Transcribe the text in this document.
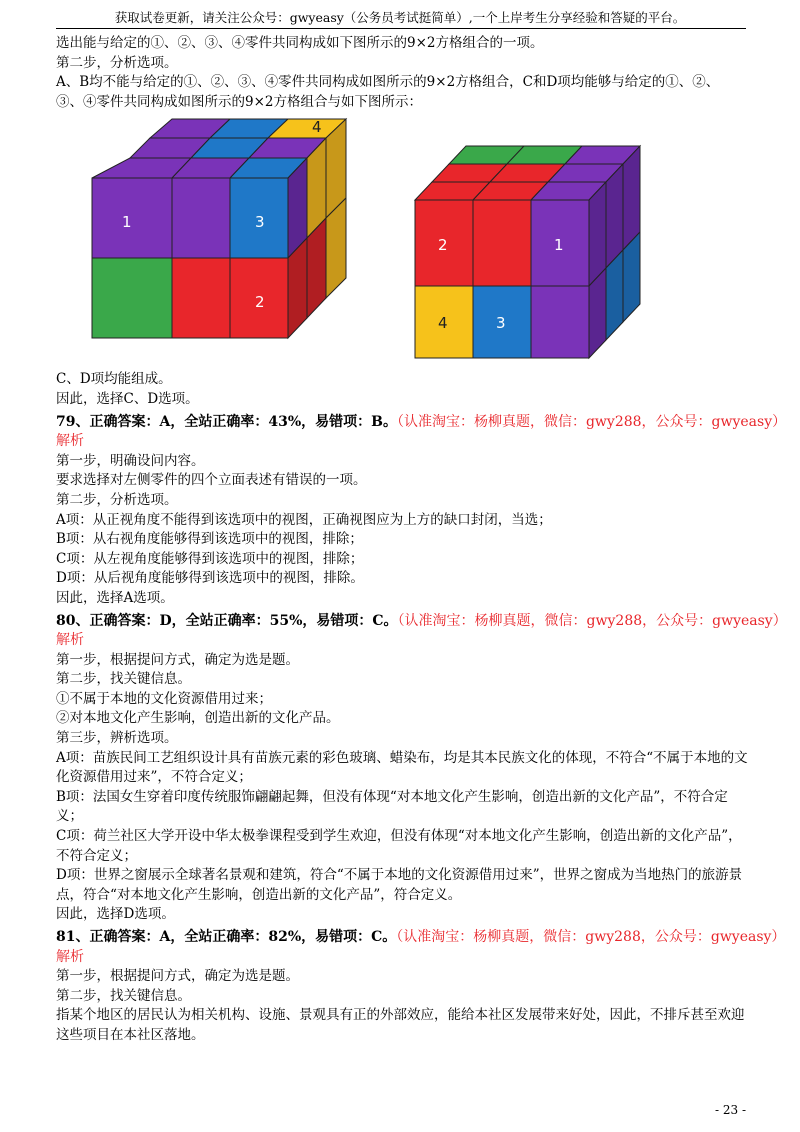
获取试卷更新，请关注公众号：gwyeasy（公务员考试挺简单）,一个上岸考生分享经验和答疑的平台。
选出能与给定的①、②、③、④零件共同构成如下图所示的9×2方格组合的一项。
第二步，分析选项。
A、B均不能与给定的①、②、③、④零件共同构成如图所示的9×2方格组合，C和D项均能够与给定的①、②、
③、④零件共同构成如图所示的9×2方格组合与如下图所示：
1	3
2
4
2	1
4	3
C、D项均能组成。
因此，选择C、D选项。
79、正确答案：A，全站正确率：43%，易错项：B。（认准淘宝：杨柳真题，微信：gwy288，公众号：gwyeasy）
解析
第一步，明确设问内容。
要求选择对左侧零件的四个立面表述有错误的一项。
第二步，分析选项。
A项：从正视角度不能得到该选项中的视图，正确视图应为上方的缺口封闭，当选；
B项：从右视角度能够得到该选项中的视图，排除；
C项：从左视角度能够得到该选项中的视图，排除；
D项：从后视角度能够得到该选项中的视图，排除。
因此，选择A选项。
80、正确答案：D，全站正确率：55%，易错项：C。（认准淘宝：杨柳真题，微信：gwy288，公众号：gwyeasy）
解析
第一步，根据提问方式，确定为选是题。
第二步，找关键信息。
①不属于本地的文化资源借用过来；
②对本地文化产生影响，创造出新的文化产品。
第三步，辨析选项。
A项：苗族民间工艺组织设计具有苗族元素的彩色玻璃、蜡染布，均是其本民族文化的体现，不符合“不属于本地的文化资源借用过来”，不符合定义；
B项：法国女生穿着印度传统服饰翩翩起舞，但没有体现“对本地文化产生影响，创造出新的文化产品”，不符合定义；
C项：荷兰社区大学开设中华太极拳课程受到学生欢迎，但没有体现“对本地文化产生影响，创造出新的文化产品”，不符合定义；
D项：世界之窗展示全球著名景观和建筑，符合“不属于本地的文化资源借用过来”，世界之窗成为当地热门的旅游景点，符合“对本地文化产生影响，创造出新的文化产品”，符合定义。
因此，选择D选项。
81、正确答案：A，全站正确率：82%，易错项：C。（认准淘宝：杨柳真题，微信：gwy288，公众号：gwyeasy）
解析
第一步，根据提问方式，确定为选是题。
第二步，找关键信息。
指某个地区的居民认为相关机构、设施、景观具有正的外部效应，能给本社区发展带来好处，因此，不排斥甚至欢迎这些项目在本社区落地。
- 23 -
